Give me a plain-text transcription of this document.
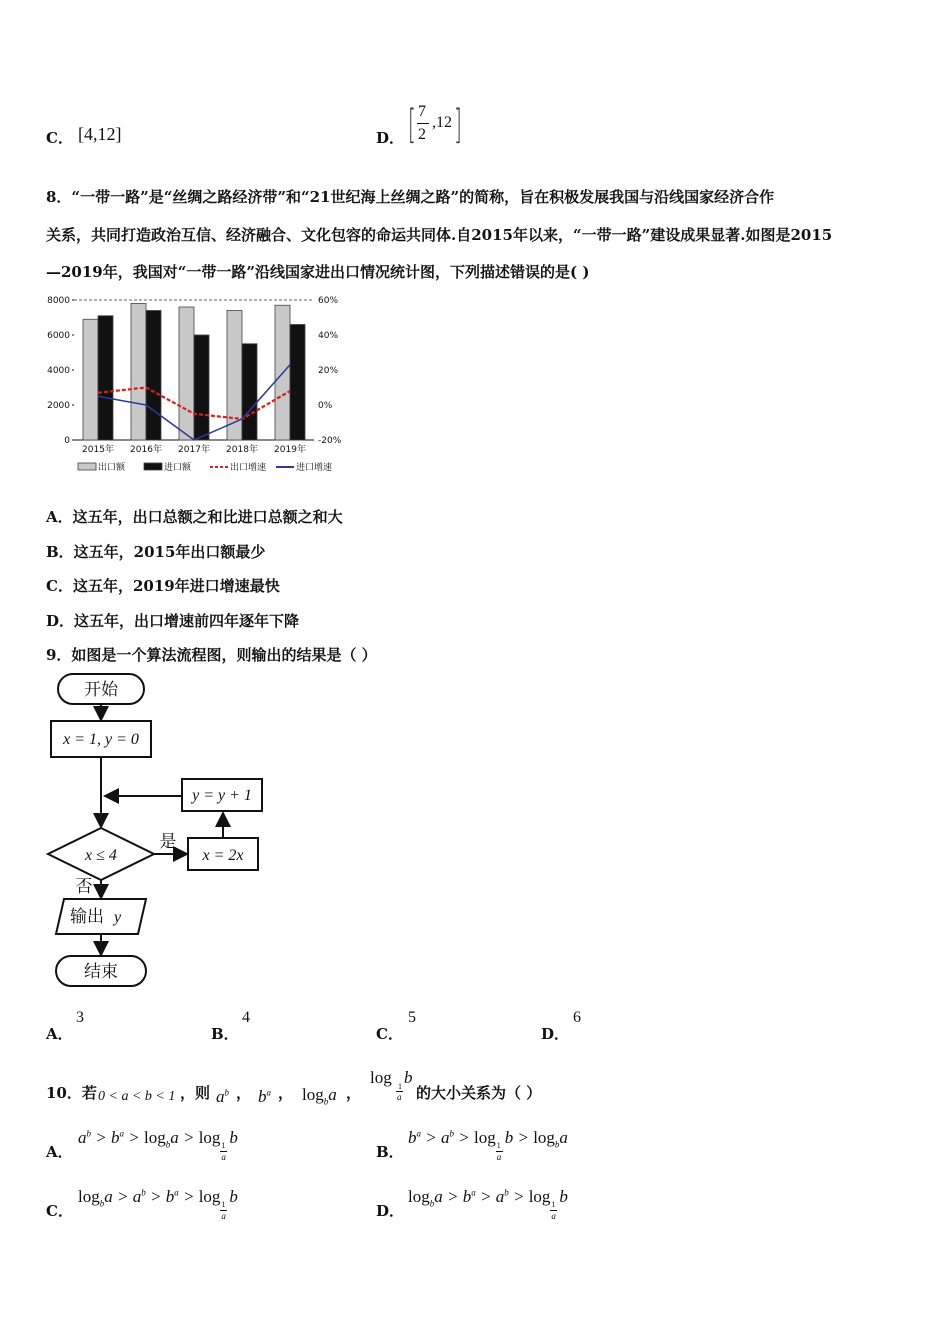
C． [4,12]	D． [ 7
2
,12 ]
8．“一带一路”是“丝绸之路经济带”和“21世纪海上丝绸之路”的简称，旨在积极发展我国与沿线国家经济合作
关系，共同打造政治互信、经济融合、文化包容的命运共同体.自2015年以来，“一带一路”建设成果显著.如图是2015
—2019年，我国对“一带一路”沿线国家进出口情况统计图，下列描述错误的是( )
0
2000
4000
6000
8000
-20%
0%
20%
40%
60%
2015年 2016年 2017年 2018年 2019年
出口额	进口额	出口增速	进口增速
A．这五年，出口总额之和比进口总额之和大
B．这五年，2015年出口额最少
C．这五年，2019年进口增速最快
D．这五年，出口增速前四年逐年下降
9．如图是一个算法流程图，则输出的结果是（ ）
开始
x = 1, y = 0
y = y + 1
x ≤ 4
是
x = 2x
否
输出 y
结束
A．
3
B．
4
C．
5
D．
6
10．若 0 < a < b < 1 ，则 $a^b$ ， $b^a$ ， $\log_ba$ ，
log 1
a
b
的大小关系为（ ）
A．
$a^b > b^a > \log_ba > \log \frac{1}{a}$ b
B．
$b^a > a^b > \log \frac{1}{a}$ $b > \log_ba$
C．
$\log_ba > a^b > b^a > \log \frac{1}{a}$ b
D．
$\log_ba > b^a > a^b > \log \frac{1}{a}$ b
